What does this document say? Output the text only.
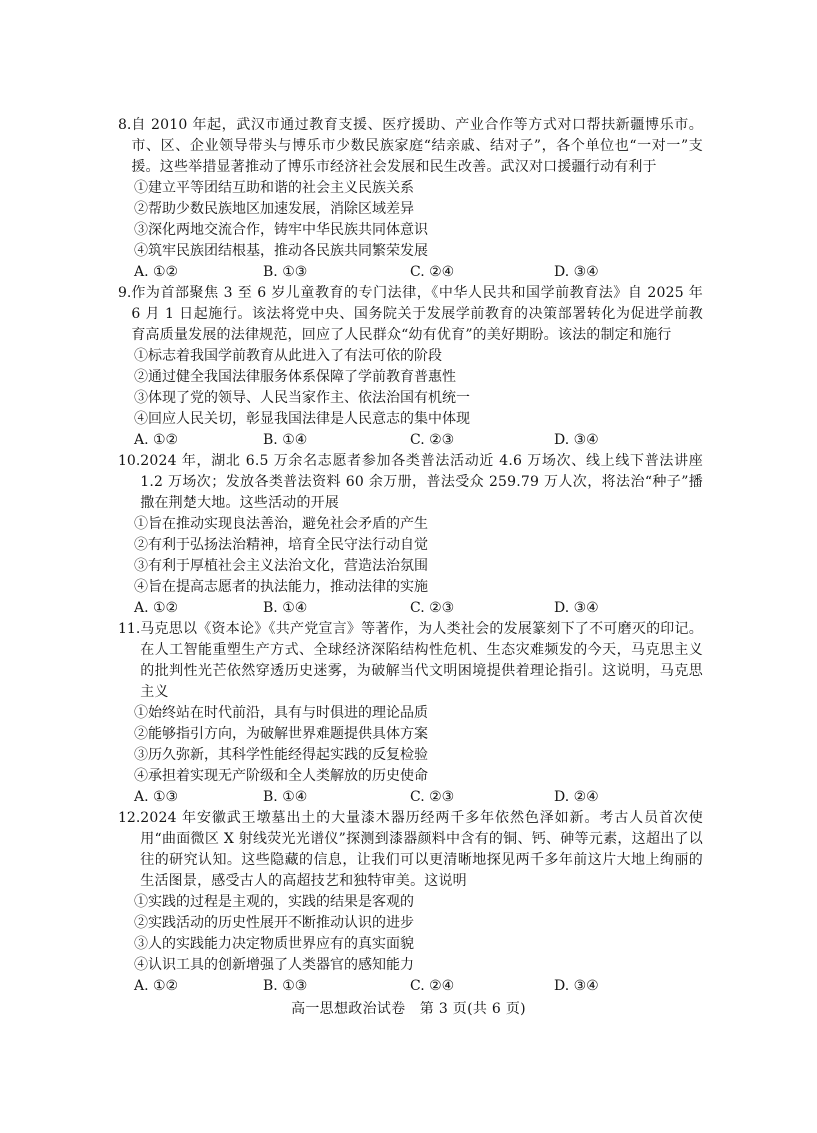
8. 自 2010 年起，武汉市通过教育支援、医疗援助、产业合作等方式对口帮扶新疆博乐市。市、区、企业领导带头与博乐市少数民族家庭“结亲戚、结对子”，各个单位也“一对一”支援。这些举措显著推动了博乐市经济社会发展和民生改善。武汉对口援疆行动有利于
①建立平等团结互助和谐的社会主义民族关系
②帮助少数民族地区加速发展，消除区域差异
③深化两地交流合作，铸牢中华民族共同体意识
④筑牢民族团结根基，推动各民族共同繁荣发展
A. ①②	B. ①③	C. ②④	D. ③④
9. 作为首部聚焦 3 至 6 岁儿童教育的专门法律，《中华人民共和国学前教育法》自 2025 年 6 月 1 日起施行。该法将党中央、国务院关于发展学前教育的决策部署转化为促进学前教育高质量发展的法律规范，回应了人民群众“幼有优育”的美好期盼。该法的制定和施行
①标志着我国学前教育从此进入了有法可依的阶段
②通过健全我国法律服务体系保障了学前教育普惠性
③体现了党的领导、人民当家作主、依法治国有机统一
④回应人民关切，彰显我国法律是人民意志的集中体现
A. ①②	B. ①④	C. ②③	D. ③④
10. 2024 年，湖北 6.5 万余名志愿者参加各类普法活动近 4.6 万场次、线上线下普法讲座 1.2 万场次；发放各类普法资料 60 余万册，普法受众 259.79 万人次，将法治“种子”播撒在荆楚大地。这些活动的开展
①旨在推动实现良法善治，避免社会矛盾的产生
②有利于弘扬法治精神，培育全民守法行动自觉
③有利于厚植社会主义法治文化，营造法治氛围
④旨在提高志愿者的执法能力，推动法律的实施
A. ①②	B. ①④	C. ②③	D. ③④
11. 马克思以《资本论》《共产党宣言》等著作，为人类社会的发展篆刻下了不可磨灭的印记。在人工智能重塑生产方式、全球经济深陷结构性危机、生态灾难频发的今天，马克思主义的批判性光芒依然穿透历史迷雾，为破解当代文明困境提供着理论指引。这说明，马克思主义
①始终站在时代前沿，具有与时俱进的理论品质
②能够指引方向，为破解世界难题提供具体方案
③历久弥新，其科学性能经得起实践的反复检验
④承担着实现无产阶级和全人类解放的历史使命
A. ①③	B. ①④	C. ②③	D. ②④
12. 2024 年安徽武王墩墓出土的大量漆木器历经两千多年依然色泽如新。考古人员首次使用“曲面微区 X 射线荧光光谱仪”探测到漆器颜料中含有的铜、钙、砷等元素，这超出了以往的研究认知。这些隐藏的信息，让我们可以更清晰地探见两千多年前这片大地上绚丽的生活图景，感受古人的高超技艺和独特审美。这说明
①实践的过程是主观的，实践的结果是客观的
②实践活动的历史性展开不断推动认识的进步
③人的实践能力决定物质世界应有的真实面貌
④认识工具的创新增强了人类器官的感知能力
A. ①②	B. ①③	C. ②④	D. ③④
高一思想政治试卷　第 3 页(共 6 页)
